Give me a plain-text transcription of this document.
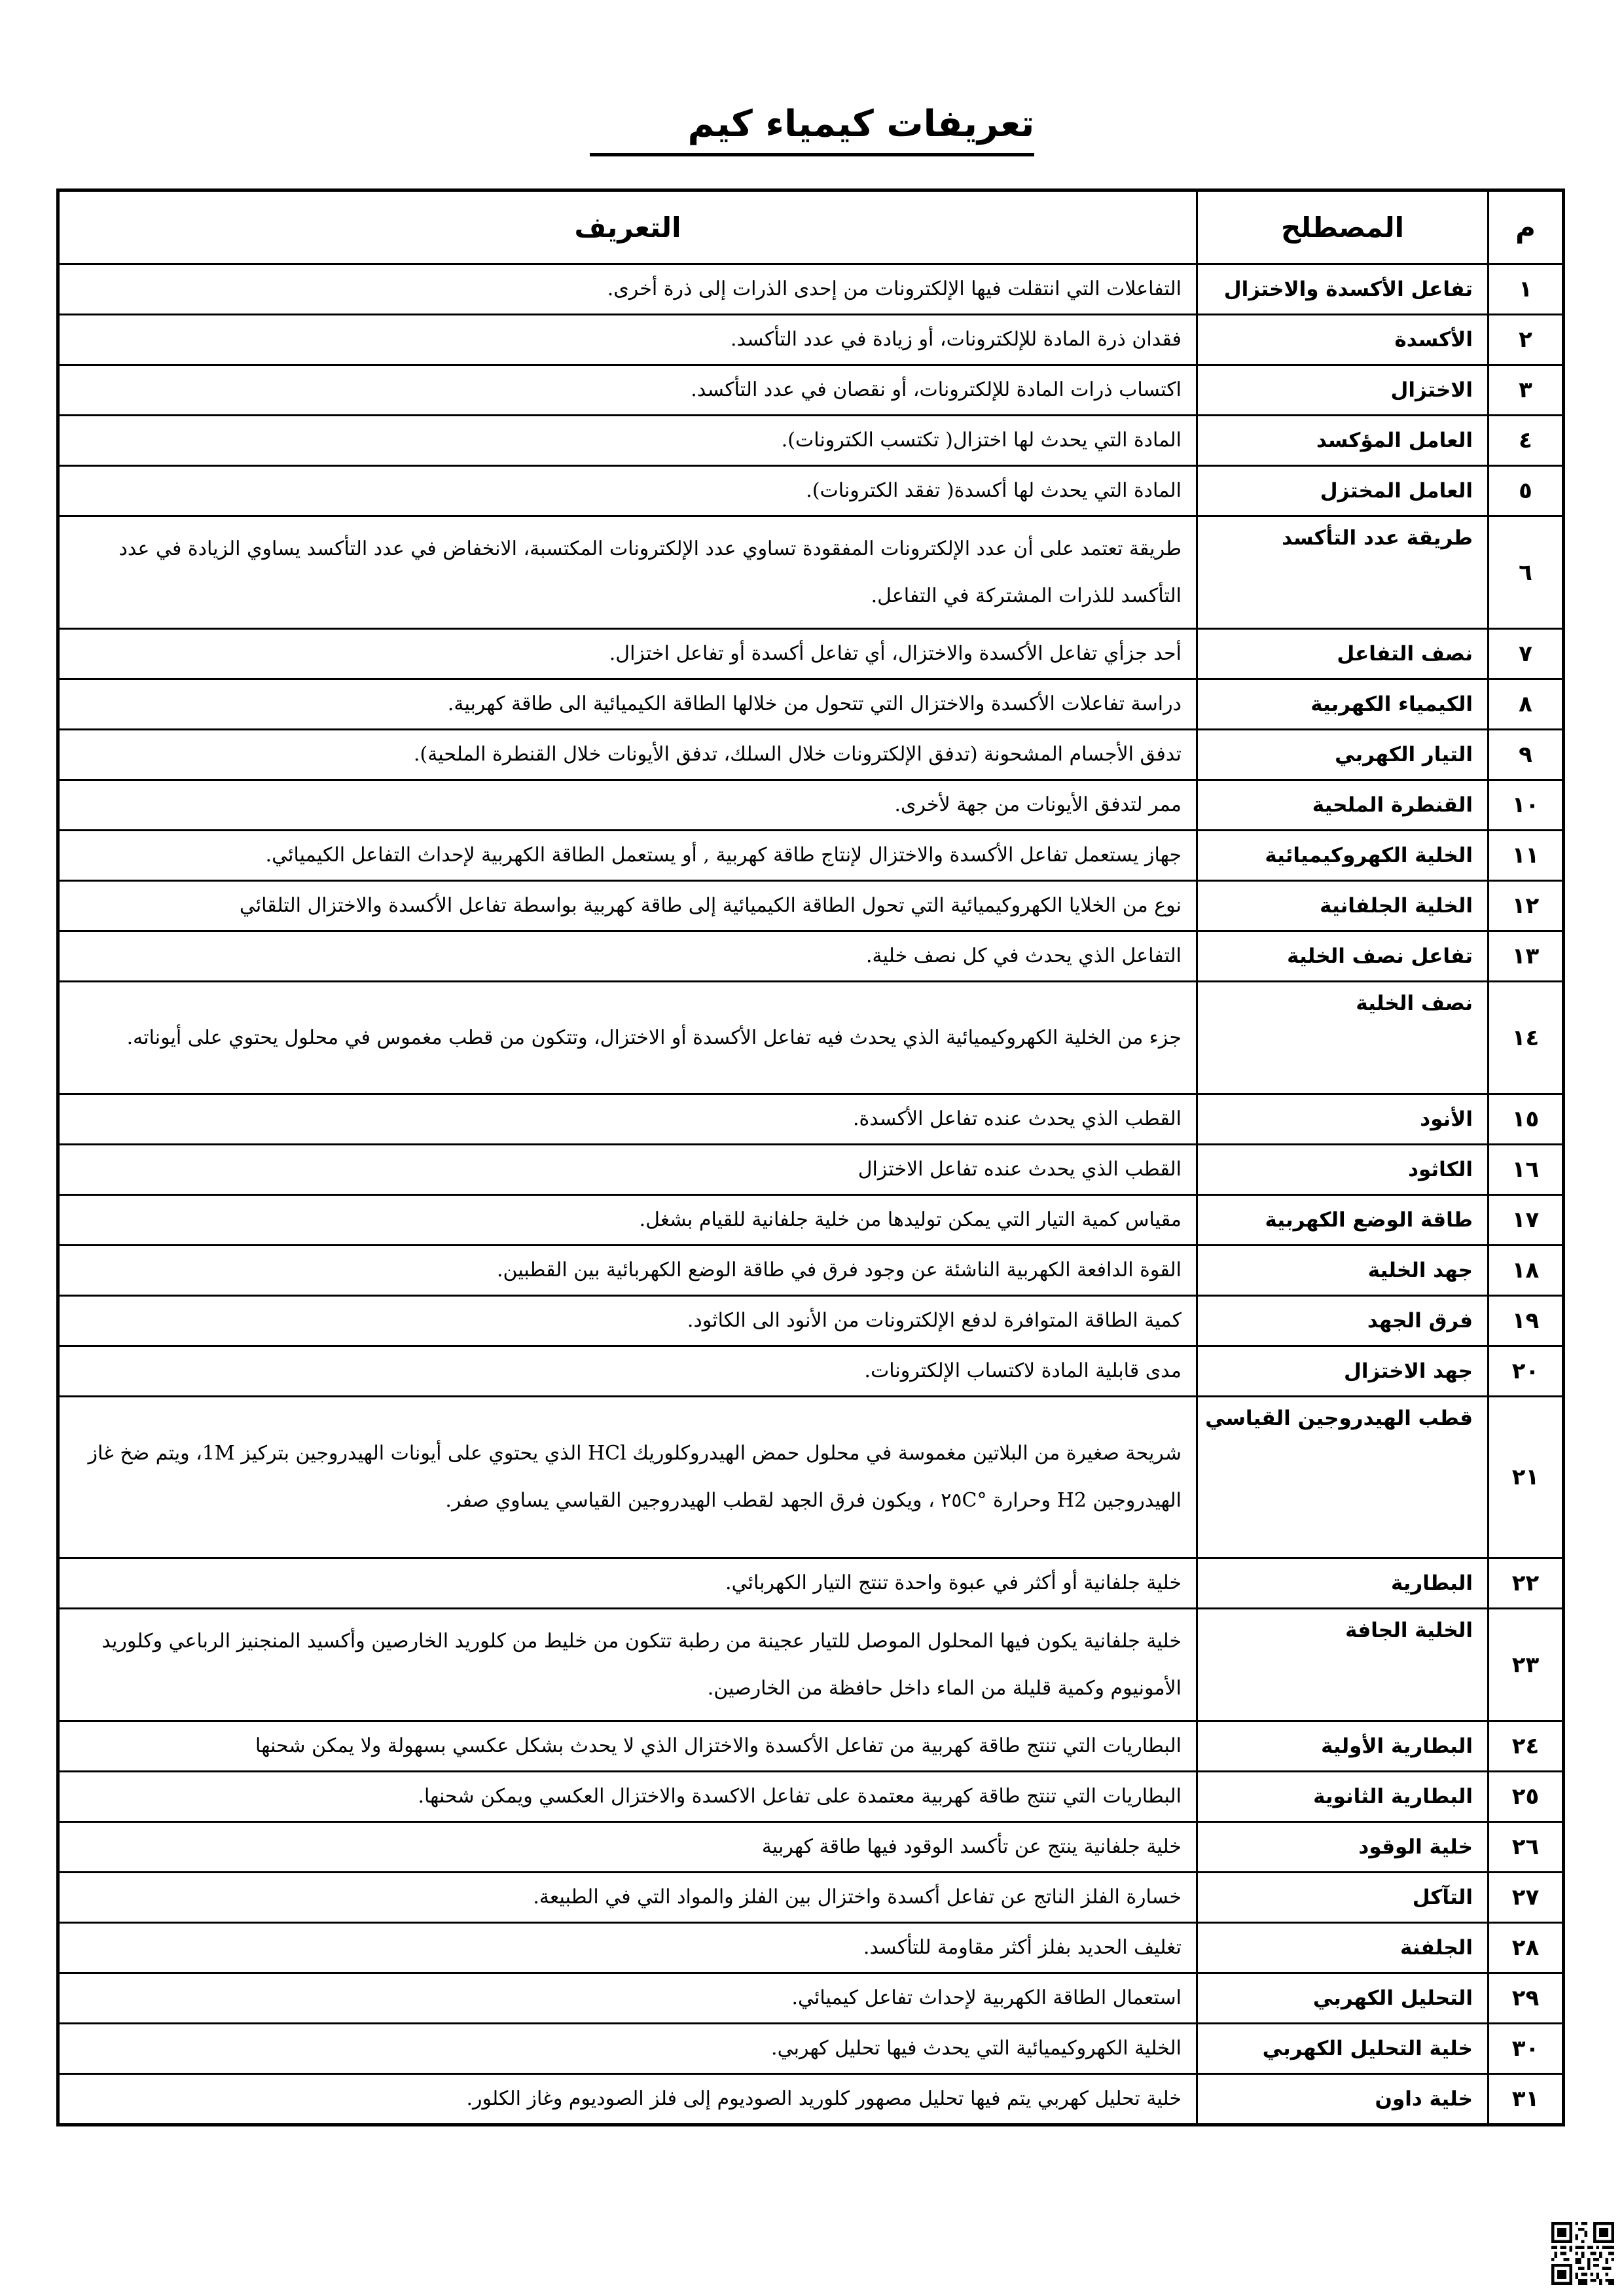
تعريفات كيمياء كيم
م	المصطلح	التعريف
١	تفاعل الأكسدة والاختزال	التفاعلات التي انتقلت فيها الإلكترونات من إحدى الذرات إلى ذرة أخرى.
٢	الأكسدة	فقدان ذرة المادة للإلكترونات، أو زيادة في عدد التأكسد.
٣	الاختزال	اكتساب ذرات المادة للإلكترونات، أو نقصان في عدد التأكسد.
٤	العامل المؤكسد	المادة التي يحدث لها اختزال( تكتسب الكترونات).
٥	العامل المختزل	المادة التي يحدث لها أكسدة( تفقد الكترونات).
٦	طريقة عدد التأكسد	طريقة تعتمد على أن عدد الإلكترونات المفقودة تساوي عدد الإلكترونات المكتسبة، الانخفاض في عدد التأكسد يساوي الزيادة في عدد التأكسد للذرات المشتركة في التفاعل.
٧	نصف التفاعل	أحد جزأي تفاعل الأكسدة والاختزال، أي تفاعل أكسدة أو تفاعل اختزال.
٨	الكيمياء الكهربية	دراسة تفاعلات الأكسدة والاختزال التي تتحول من خلالها الطاقة الكيميائية الى طاقة كهربية.
٩	التيار الكهربي	تدفق الأجسام المشحونة (تدفق الإلكترونات خلال السلك، تدفق الأيونات خلال القنطرة الملحية).
١٠	القنطرة الملحية	ممر لتدفق الأيونات من جهة لأخرى.
١١	الخلية الكهروكيميائية	جهاز يستعمل تفاعل الأكسدة والاختزال لإنتاج طاقة كهربية , أو يستعمل الطاقة الكهربية لإحداث التفاعل الكيميائي.
١٢	الخلية الجلفانية	نوع من الخلايا الكهروكيميائية التي تحول الطاقة الكيميائية إلى طاقة كهربية بواسطة تفاعل الأكسدة والاختزال التلقائي
١٣	تفاعل نصف الخلية	التفاعل الذي يحدث في كل نصف خلية.
١٤	نصف الخلية	جزء من الخلية الكهروكيميائية الذي يحدث فيه تفاعل الأكسدة أو الاختزال، وتتكون من قطب مغموس في محلول يحتوي على أيوناته.
١٥	الأنود	القطب الذي يحدث عنده تفاعل الأكسدة.
١٦	الكاثود	القطب الذي يحدث عنده تفاعل الاختزال
١٧	طاقة الوضع الكهربية	مقياس كمية التيار التي يمكن توليدها من خلية جلفانية للقيام بشغل.
١٨	جهد الخلية	القوة الدافعة الكهربية الناشئة عن وجود فرق في طاقة الوضع الكهربائية بين القطبين.
١٩	فرق الجهد	كمية الطاقة المتوافرة لدفع الإلكترونات من الأنود الى الكاثود.
٢٠	جهد الاختزال	مدى قابلية المادة لاكتساب الإلكترونات.
٢١	قطب الهيدروجين القياسي	شريحة صغيرة من البلاتين مغموسة في محلول حمض الهيدروكلوريك HCl الذي يحتوي على أيونات الهيدروجين بتركيز 1M، ويتم ضخ غاز الهيدروجين H2 وحرارة °٢٥C ، ويكون فرق الجهد لقطب الهيدروجين القياسي يساوي صفر.
٢٢	البطارية	خلية جلفانية أو أكثر في عبوة واحدة تنتج التيار الكهربائي.
٢٣	الخلية الجافة	خلية جلفانية يكون فيها المحلول الموصل للتيار عجينة من رطبة تتكون من خليط من كلوريد الخارصين وأكسيد المنجنيز الرباعي وكلوريد الأمونيوم وكمية قليلة من الماء داخل حافظة من الخارصين.
٢٤	البطارية الأولية	البطاريات التي تنتج طاقة كهربية من تفاعل الأكسدة والاختزال الذي لا يحدث بشكل عكسي بسهولة ولا يمكن شحنها
٢٥	البطارية الثانوية	البطاريات التي تنتج طاقة كهربية معتمدة على تفاعل الاكسدة والاختزال العكسي ويمكن شحنها.
٢٦	خلية الوقود	خلية جلفانية ينتج عن تأكسد الوقود فيها طاقة كهربية
٢٧	التآكل	خسارة الفلز الناتج عن تفاعل أكسدة واختزال بين الفلز والمواد التي في الطبيعة.
٢٨	الجلفنة	تغليف الحديد بفلز أكثر مقاومة للتأكسد.
٢٩	التحليل الكهربي	استعمال الطاقة الكهربية لإحداث تفاعل كيميائي.
٣٠	خلية التحليل الكهربي	الخلية الكهروكيميائية التي يحدث فيها تحليل كهربي.
٣١	خلية داون	خلية تحليل كهربي يتم فيها تحليل مصهور كلوريد الصوديوم إلى فلز الصوديوم وغاز الكلور.
